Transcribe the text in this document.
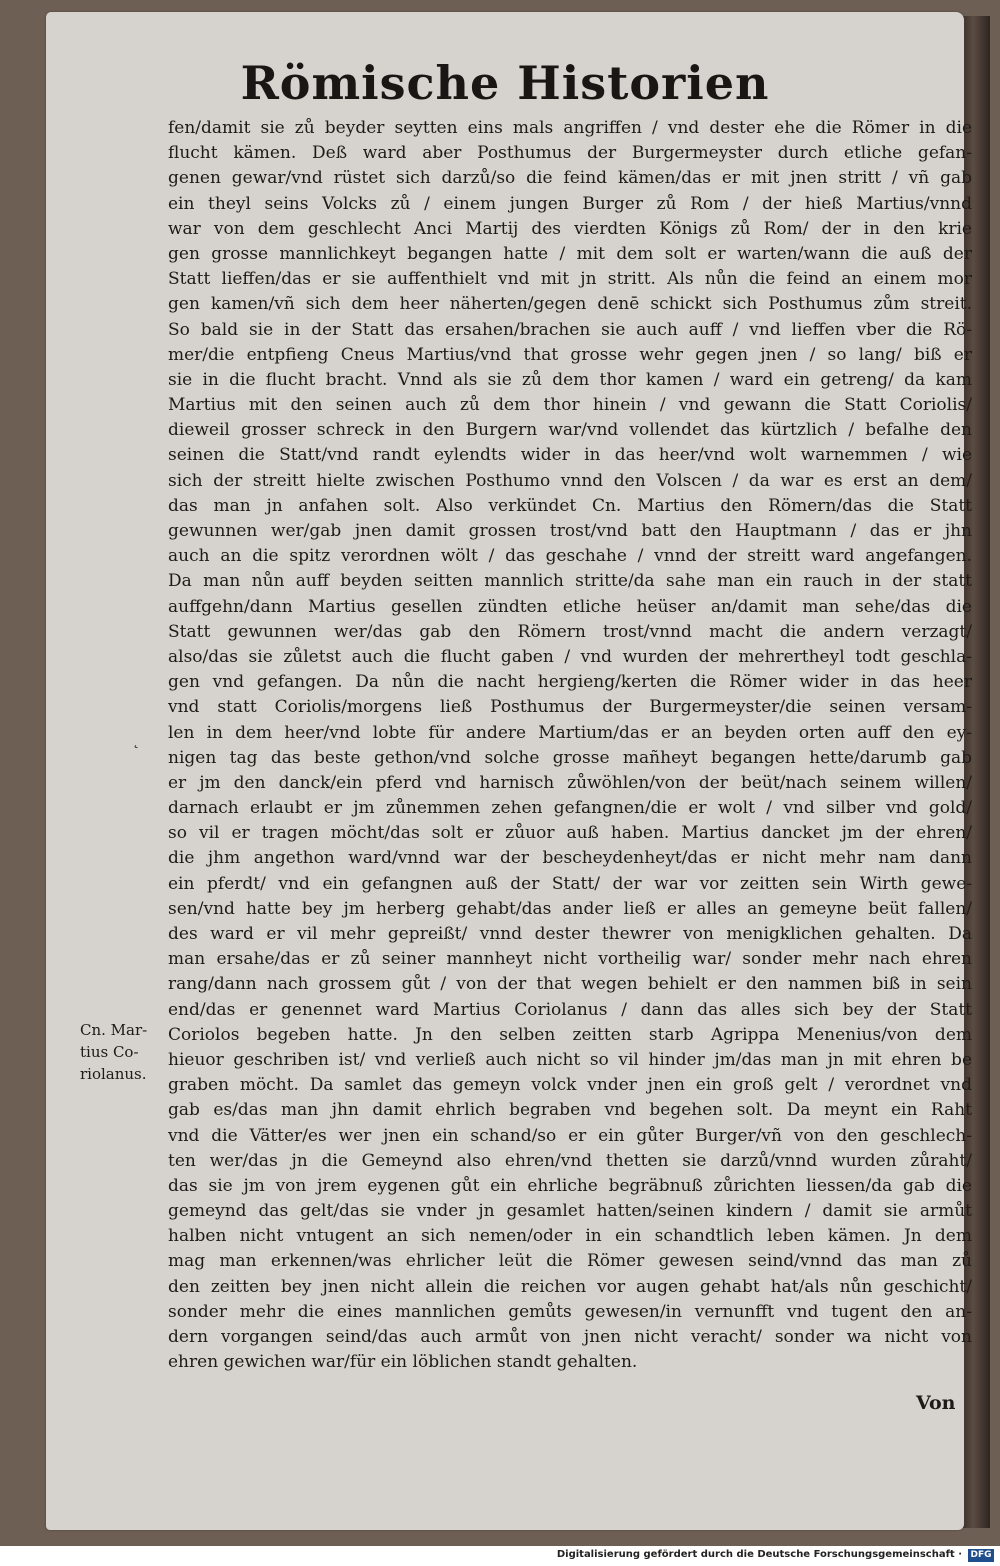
Römische Historien
fen/damit sie zů beyder seytten eins mals angriffen / vnd dester ehe die Römer in die
flucht kämen. Deß ward aber Posthumus der Burgermeyster durch etliche gefan-
genen gewar/vnd rüstet sich darzů/so die feind kämen/das er mit jnen stritt / vñ gab
ein theyl seins Volcks zů / einem jungen Burger zů Rom / der hieß Martius/vnnd
war von dem geschlecht Anci Martij des vierdten Königs zů Rom/ der in den krie
gen grosse mannlichkeyt begangen hatte / mit dem solt er warten/wann die auß der
Statt lieffen/das er sie auffenthielt vnd mit jn stritt. Als nůn die feind an einem mor
gen kamen/vñ sich dem heer näherten/gegen denē schickt sich Posthumus zům streit.
So bald sie in der Statt das ersahen/brachen sie auch auff / vnd lieffen vber die Rö-
mer/die entpfieng Cneus Martius/vnd that grosse wehr gegen jnen / so lang/ biß er
sie in die flucht bracht. Vnnd als sie zů dem thor kamen / ward ein getreng/ da kam
Martius mit den seinen auch zů dem thor hinein / vnd gewann die Statt Coriolis/
dieweil grosser schreck in den Burgern war/vnd vollendet das kürtzlich / befalhe den
seinen die Statt/vnd randt eylendts wider in das heer/vnd wolt warnemmen / wie
sich der streitt hielte zwischen Posthumo vnnd den Volscen / da war es erst an dem/
das man jn anfahen solt. Also verkündet Cn. Martius den Römern/das die Statt
gewunnen wer/gab jnen damit grossen trost/vnd batt den Hauptmann / das er jhn
auch an die spitz verordnen wölt / das geschahe / vnnd der streitt ward angefangen.
Da man nůn auff beyden seitten mannlich stritte/da sahe man ein rauch in der statt
auffgehn/dann Martius gesellen zündten etliche heüser an/damit man sehe/das die
Statt gewunnen wer/das gab den Römern trost/vnnd macht die andern verzagt/
also/das sie zůletst auch die flucht gaben / vnd wurden der mehrertheyl todt geschla-
gen vnd gefangen. Da nůn die nacht hergieng/kerten die Römer wider in das heer
vnd statt Coriolis/morgens ließ Posthumus der Burgermeyster/die seinen versam-
len in dem heer/vnd lobte für andere Martium/das er an beyden orten auff den ey-
nigen tag das beste gethon/vnd solche grosse mañheyt begangen hette/darumb gab
er jm den danck/ein pferd vnd harnisch zůwöhlen/von der beüt/nach seinem willen/
darnach erlaubt er jm zůnemmen zehen gefangnen/die er wolt / vnd silber vnd gold/
so vil er tragen möcht/das solt er zůuor auß haben. Martius dancket jm der ehren/
die jhm angethon ward/vnnd war der bescheydenheyt/das er nicht mehr nam dann
ein pferdt/ vnd ein gefangnen auß der Statt/ der war vor zeitten sein Wirth gewe-
sen/vnd hatte bey jm herberg gehabt/das ander ließ er alles an gemeyne beüt fallen/
des ward er vil mehr gepreißt/ vnnd dester thewrer von menigklichen gehalten. Da
man ersahe/das er zů seiner mannheyt nicht vortheilig war/ sonder mehr nach ehren
rang/dann nach grossem gůt / von der that wegen behielt er den nammen biß in sein
end/das er genennet ward Martius Coriolanus / dann das alles sich bey der Statt
Coriolos begeben hatte. Jn den selben zeitten starb Agrippa Menenius/von dem
hieuor geschriben ist/ vnd verließ auch nicht so vil hinder jm/das man jn mit ehren be
graben möcht. Da samlet das gemeyn volck vnder jnen ein groß gelt / verordnet vnd
gab es/das man jhn damit ehrlich begraben vnd begehen solt. Da meynt ein Raht
vnd die Vätter/es wer jnen ein schand/so er ein gůter Burger/vñ von den geschlech-
ten wer/das jn die Gemeynd also ehren/vnd thetten sie darzů/vnnd wurden zůraht/
das sie jm von jrem eygenen gůt ein ehrliche begräbnuß zůrichten liessen/da gab die
gemeynd das gelt/das sie vnder jn gesamlet hatten/seinen kindern / damit sie armůt
halben nicht vntugent an sich nemen/oder in ein schandtlich leben kämen. Jn dem
mag man erkennen/was ehrlicher leüt die Römer gewesen seind/vnnd das man zů
den zeitten bey jnen nicht allein die reichen vor augen gehabt hat/als nůn geschicht/
sonder mehr die eines mannlichen gemůts gewesen/in vernunfft vnd tugent den an-
dern vorgangen seind/das auch armůt von jnen nicht veracht/ sonder wa nicht von
ehren gewichen war/für ein löblichen standt gehalten.
˛
Cn. Mar-
tius Co-
riolanus.
Von
Digitalisierung gefördert durch die Deutsche Forschungsgemeinschaft · DFG
